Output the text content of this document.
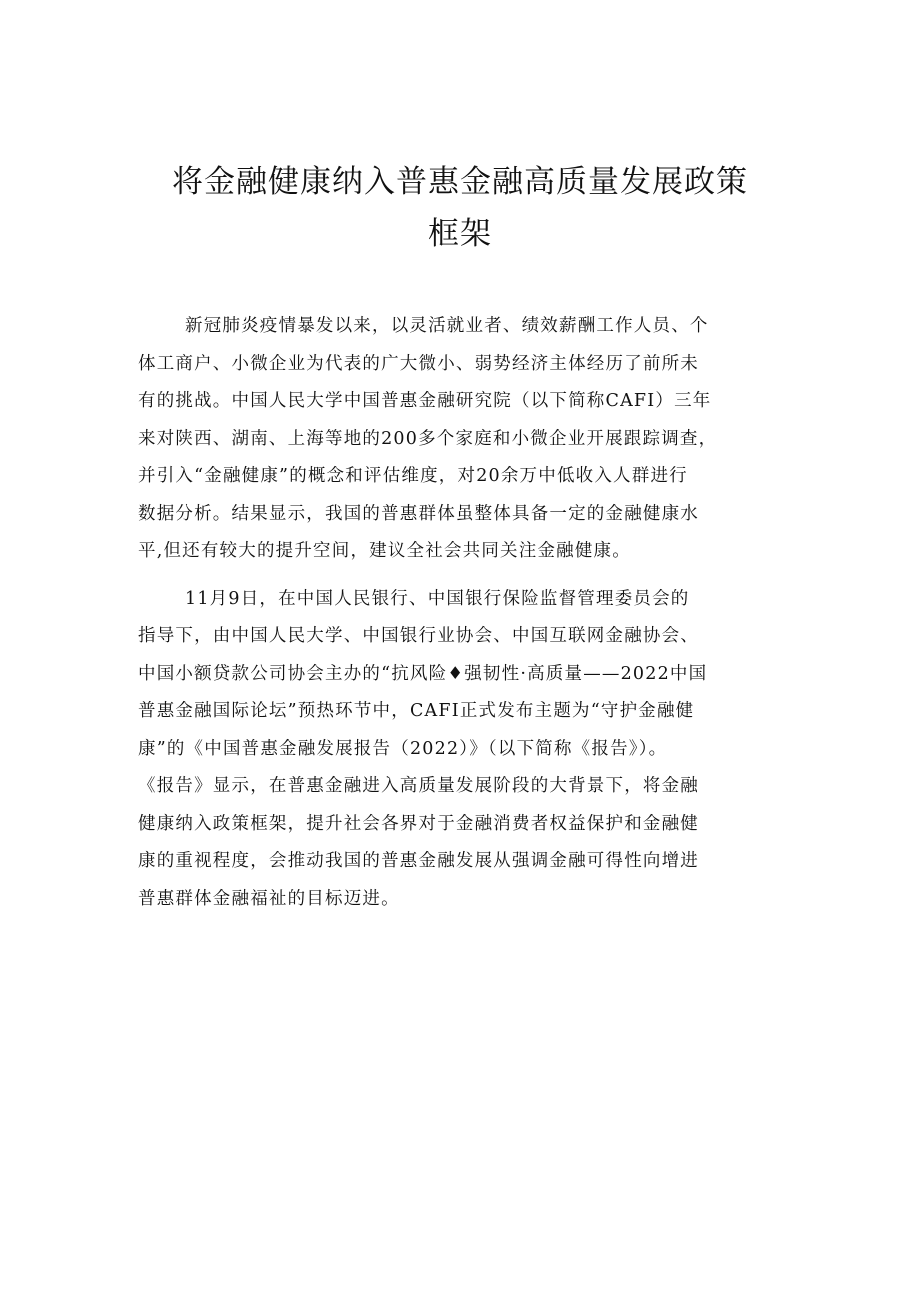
将金融健康纳入普惠金融高质量发展政策
框架
新冠肺炎疫情暴发以来，以灵活就业者、绩效薪酬工作人员、个
体工商户、小微企业为代表的广大微小、弱势经济主体经历了前所未
有的挑战。中国人民大学中国普惠金融研究院（以下简称CAFI）三年
来对陕西、湖南、上海等地的200多个家庭和小微企业开展跟踪调查，
并引入“金融健康”的概念和评估维度，对20余万中低收入人群进行
数据分析。结果显示，我国的普惠群体虽整体具备一定的金融健康水
平,但还有较大的提升空间，建议全社会共同关注金融健康。
11月9日，在中国人民银行、中国银行保险监督管理委员会的
指导下，由中国人民大学、中国银行业协会、中国互联网金融协会、
中国小额贷款公司协会主办的“抗风险♦强韧性·高质量——2022中国
普惠金融国际论坛”预热环节中，CAFI正式发布主题为“守护金融健
康”的《中国普惠金融发展报告（2022）》（以下简称《报告》）。
《报告》显示，在普惠金融进入高质量发展阶段的大背景下，将金融
健康纳入政策框架，提升社会各界对于金融消费者权益保护和金融健
康的重视程度，会推动我国的普惠金融发展从强调金融可得性向增进
普惠群体金融福祉的目标迈进。
